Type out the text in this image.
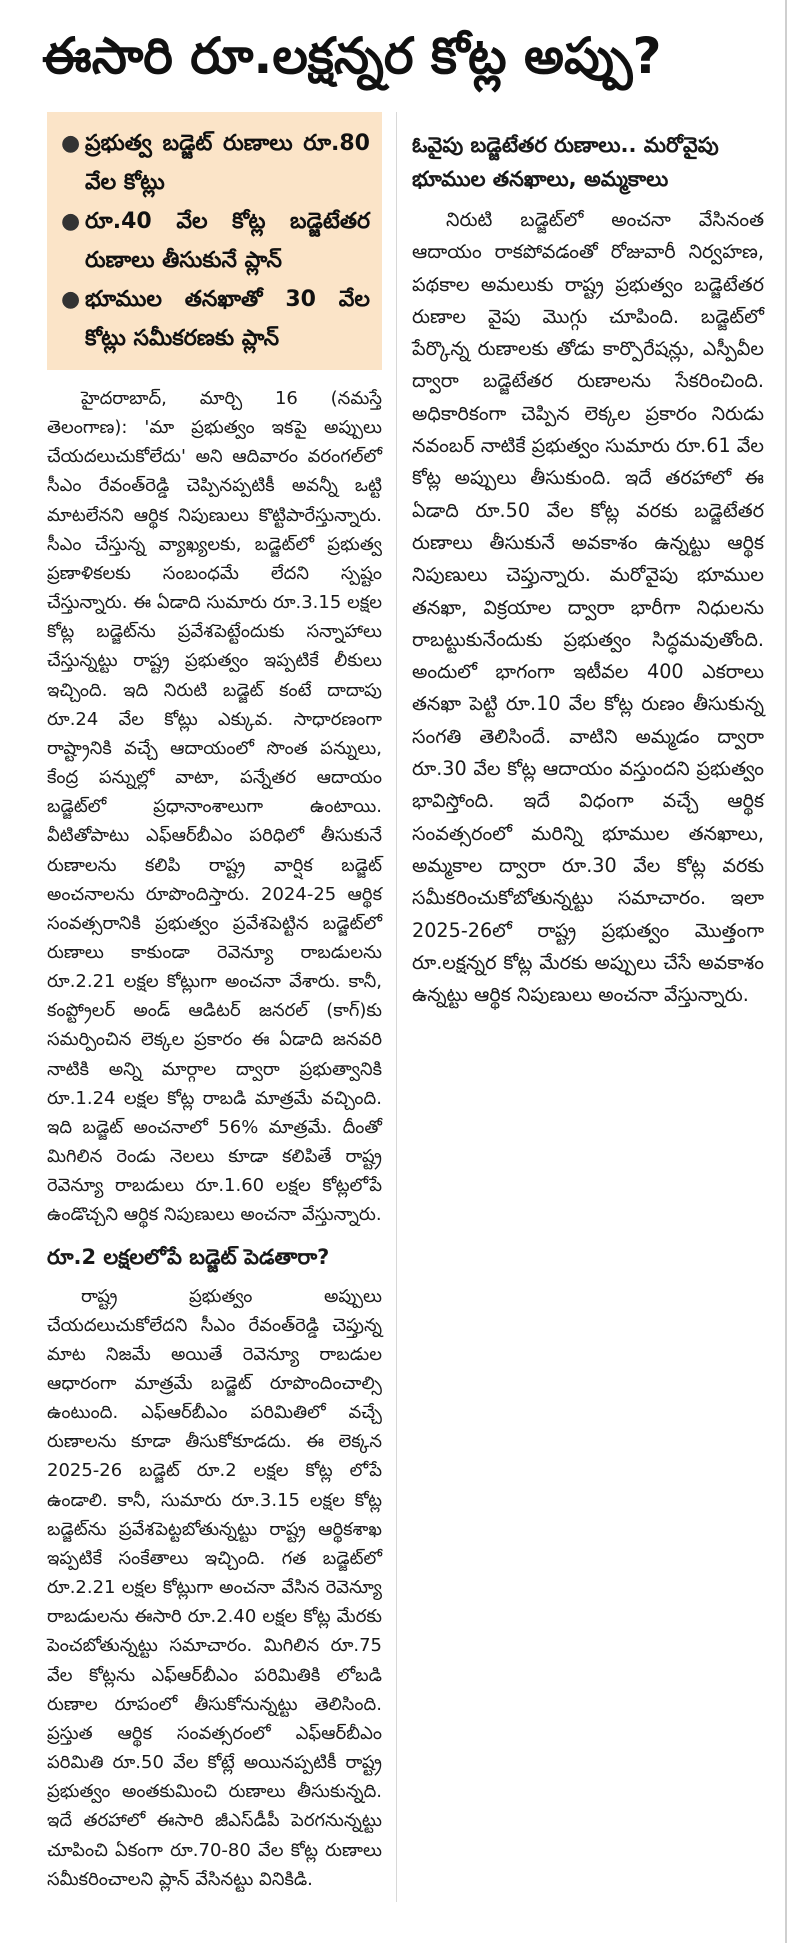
ఈసారి రూ.లక్షన్నర కోట్ల అప్పు?
● ప్రభుత్వ బడ్జెట్ రుణాలు రూ.80 వేల కోట్లు
● రూ.40 వేల కోట్ల బడ్జెటేతర రుణాలు తీసుకునే ప్లాన్
● భూముల తనఖాతో 30 వేల కోట్లు సమీకరణకు ప్లాన్

హైదరాబాద్, మార్చి 16 (నమస్తే తెలంగాణ): 'మా ప్రభుత్వం ఇకపై అప్పులు చేయదలుచుకోలేదు' అని ఆదివారం వరంగల్‌లో సీఎం రేవంత్‌రెడ్డి చెప్పినప్పటికీ అవన్నీ ఒట్టి మాటలేనని ఆర్థిక నిపుణులు కొట్టిపారేస్తున్నారు. సీఎం చేస్తున్న వ్యాఖ్యలకు, బడ్జెట్‌లో ప్రభుత్వ ప్రణాళికలకు సంబంధమే లేదని స్పష్టం చేస్తున్నారు. ఈ ఏడాది సుమారు రూ.3.15 లక్షల కోట్ల బడ్జెట్‌ను ప్రవేశపెట్టేందుకు సన్నాహాలు చేస్తున్నట్టు రాష్ట్ర ప్రభుత్వం ఇప్పటికే లీకులు ఇచ్చింది. ఇది నిరుటి బడ్జెట్ కంటే దాదాపు రూ.24 వేల కోట్లు ఎక్కువ. సాధారణంగా రాష్ట్రానికి వచ్చే ఆదాయంలో సొంత పన్నులు, కేంద్ర పన్నుల్లో వాటా, పన్నేతర ఆదాయం బడ్జెట్‌లో ప్రధానాంశాలుగా ఉంటాయి. వీటితోపాటు ఎఫ్ఆర్‌బీఎం పరిధిలో తీసుకునే రుణాలను కలిపి రాష్ట్ర వార్షిక బడ్జెట్ అంచనాలను రూపొందిస్తారు. 2024-25 ఆర్థిక సంవత్సరానికి ప్రభుత్వం ప్రవేశపెట్టిన బడ్జెట్‌లో రుణాలు కాకుండా రెవెన్యూ రాబడులను రూ.2.21 లక్షల కోట్లుగా అంచనా వేశారు. కానీ, కంప్ట్రోలర్ అండ్ ఆడిటర్ జనరల్ (కాగ్)కు సమర్పించిన లెక్కల ప్రకారం ఈ ఏడాది జనవరి నాటికి అన్ని మార్గాల ద్వారా ప్రభుత్వానికి రూ.1.24 లక్షల కోట్ల రాబడి మాత్రమే వచ్చింది. ఇది బడ్జెట్ అంచనాలో 56% మాత్రమే. దీంతో మిగిలిన రెండు నెలలు కూడా కలిపితే రాష్ట్ర రెవెన్యూ రాబడులు రూ.1.60 లక్షల కోట్లలోపే ఉండొచ్చని ఆర్థిక నిపుణులు అంచనా వేస్తున్నారు.

రూ.2 లక్షలలోపే బడ్జెట్ పెడతారా?

రాష్ట్ర ప్రభుత్వం అప్పులు చేయదలుచుకోలేదని సీఎం రేవంత్‌రెడ్డి చెప్తున్న మాట నిజమే అయితే రెవెన్యూ రాబడుల ఆధారంగా మాత్రమే బడ్జెట్ రూపొందించాల్సి ఉంటుంది. ఎఫ్ఆర్‌బీఎం పరిమితిలో వచ్చే రుణాలను కూడా తీసుకోకూడదు. ఈ లెక్కన 2025-26 బడ్జెట్ రూ.2 లక్షల కోట్ల లోపే ఉండాలి. కానీ, సుమారు రూ.3.15 లక్షల కోట్ల బడ్జెట్‌ను ప్రవేశపెట్టబోతున్నట్టు రాష్ట్ర ఆర్థికశాఖ ఇప్పటికే సంకేతాలు ఇచ్చింది. గత బడ్జెట్‌లో రూ.2.21 లక్షల కోట్లుగా అంచనా వేసిన రెవెన్యూ రాబడులను ఈసారి రూ.2.40 లక్షల కోట్ల మేరకు పెంచబోతున్నట్టు సమాచారం. మిగిలిన రూ.75 వేల కోట్లను ఎఫ్ఆర్‌బీఎం పరిమితికి లోబడి రుణాల రూపంలో తీసుకోనున్నట్టు తెలిసింది. ప్రస్తుత ఆర్థిక సంవత్సరంలో ఎఫ్ఆర్‌బీఎం పరిమితి రూ.50 వేల కోట్లే అయినప్పటికీ రాష్ట్ర ప్రభుత్వం అంతకుమించి రుణాలు తీసుకున్నది. ఇదే తరహాలో ఈసారి జీఎస్‌డీపీ పెరగనున్నట్టు చూపించి ఏకంగా రూ.70-80 వేల కోట్ల రుణాలు సమీకరించాలని ప్లాన్ వేసినట్టు వినికిడి.

ఓవైపు బడ్జెటేతర రుణాలు.. మరోవైపు భూముల తనఖాలు, అమ్మకాలు

నిరుటి బడ్జెట్‌లో అంచనా వేసినంత ఆదాయం రాకపోవడంతో రోజువారీ నిర్వహణ, పథకాల అమలుకు రాష్ట్ర ప్రభుత్వం బడ్జెటేతర రుణాల వైపు మొగ్గు చూపింది. బడ్జెట్‌లో పేర్కొన్న రుణాలకు తోడు కార్పొరేషన్లు, ఎస్పీవీల ద్వారా బడ్జెటేతర రుణాలను సేకరించింది. అధికారికంగా చెప్పిన లెక్కల ప్రకారం నిరుడు నవంబర్ నాటికే ప్రభుత్వం సుమారు రూ.61 వేల కోట్ల అప్పులు తీసుకుంది. ఇదే తరహాలో ఈ ఏడాది రూ.50 వేల కోట్ల వరకు బడ్జెటేతర రుణాలు తీసుకునే అవకాశం ఉన్నట్టు ఆర్థిక నిపుణులు చెప్తున్నారు. మరోవైపు భూముల తనఖా, విక్రయాల ద్వారా భారీగా నిధులను రాబట్టుకునేందుకు ప్రభుత్వం సిద్ధమవుతోంది. అందులో భాగంగా ఇటీవల 400 ఎకరాలు తనఖా పెట్టి రూ.10 వేల కోట్ల రుణం తీసుకున్న సంగతి తెలిసిందే. వాటిని అమ్మడం ద్వారా రూ.30 వేల కోట్ల ఆదాయం వస్తుందని ప్రభుత్వం భావిస్తోంది. ఇదే విధంగా వచ్చే ఆర్థిక సంవత్సరంలో మరిన్ని భూముల తనఖాలు, అమ్మకాల ద్వారా రూ.30 వేల కోట్ల వరకు సమీకరించుకోబోతున్నట్టు సమాచారం. ఇలా 2025-26లో రాష్ట్ర ప్రభుత్వం మొత్తంగా రూ.లక్షన్నర కోట్ల మేరకు అప్పులు చేసే అవకాశం ఉన్నట్టు ఆర్థిక నిపుణులు అంచనా వేస్తున్నారు.
